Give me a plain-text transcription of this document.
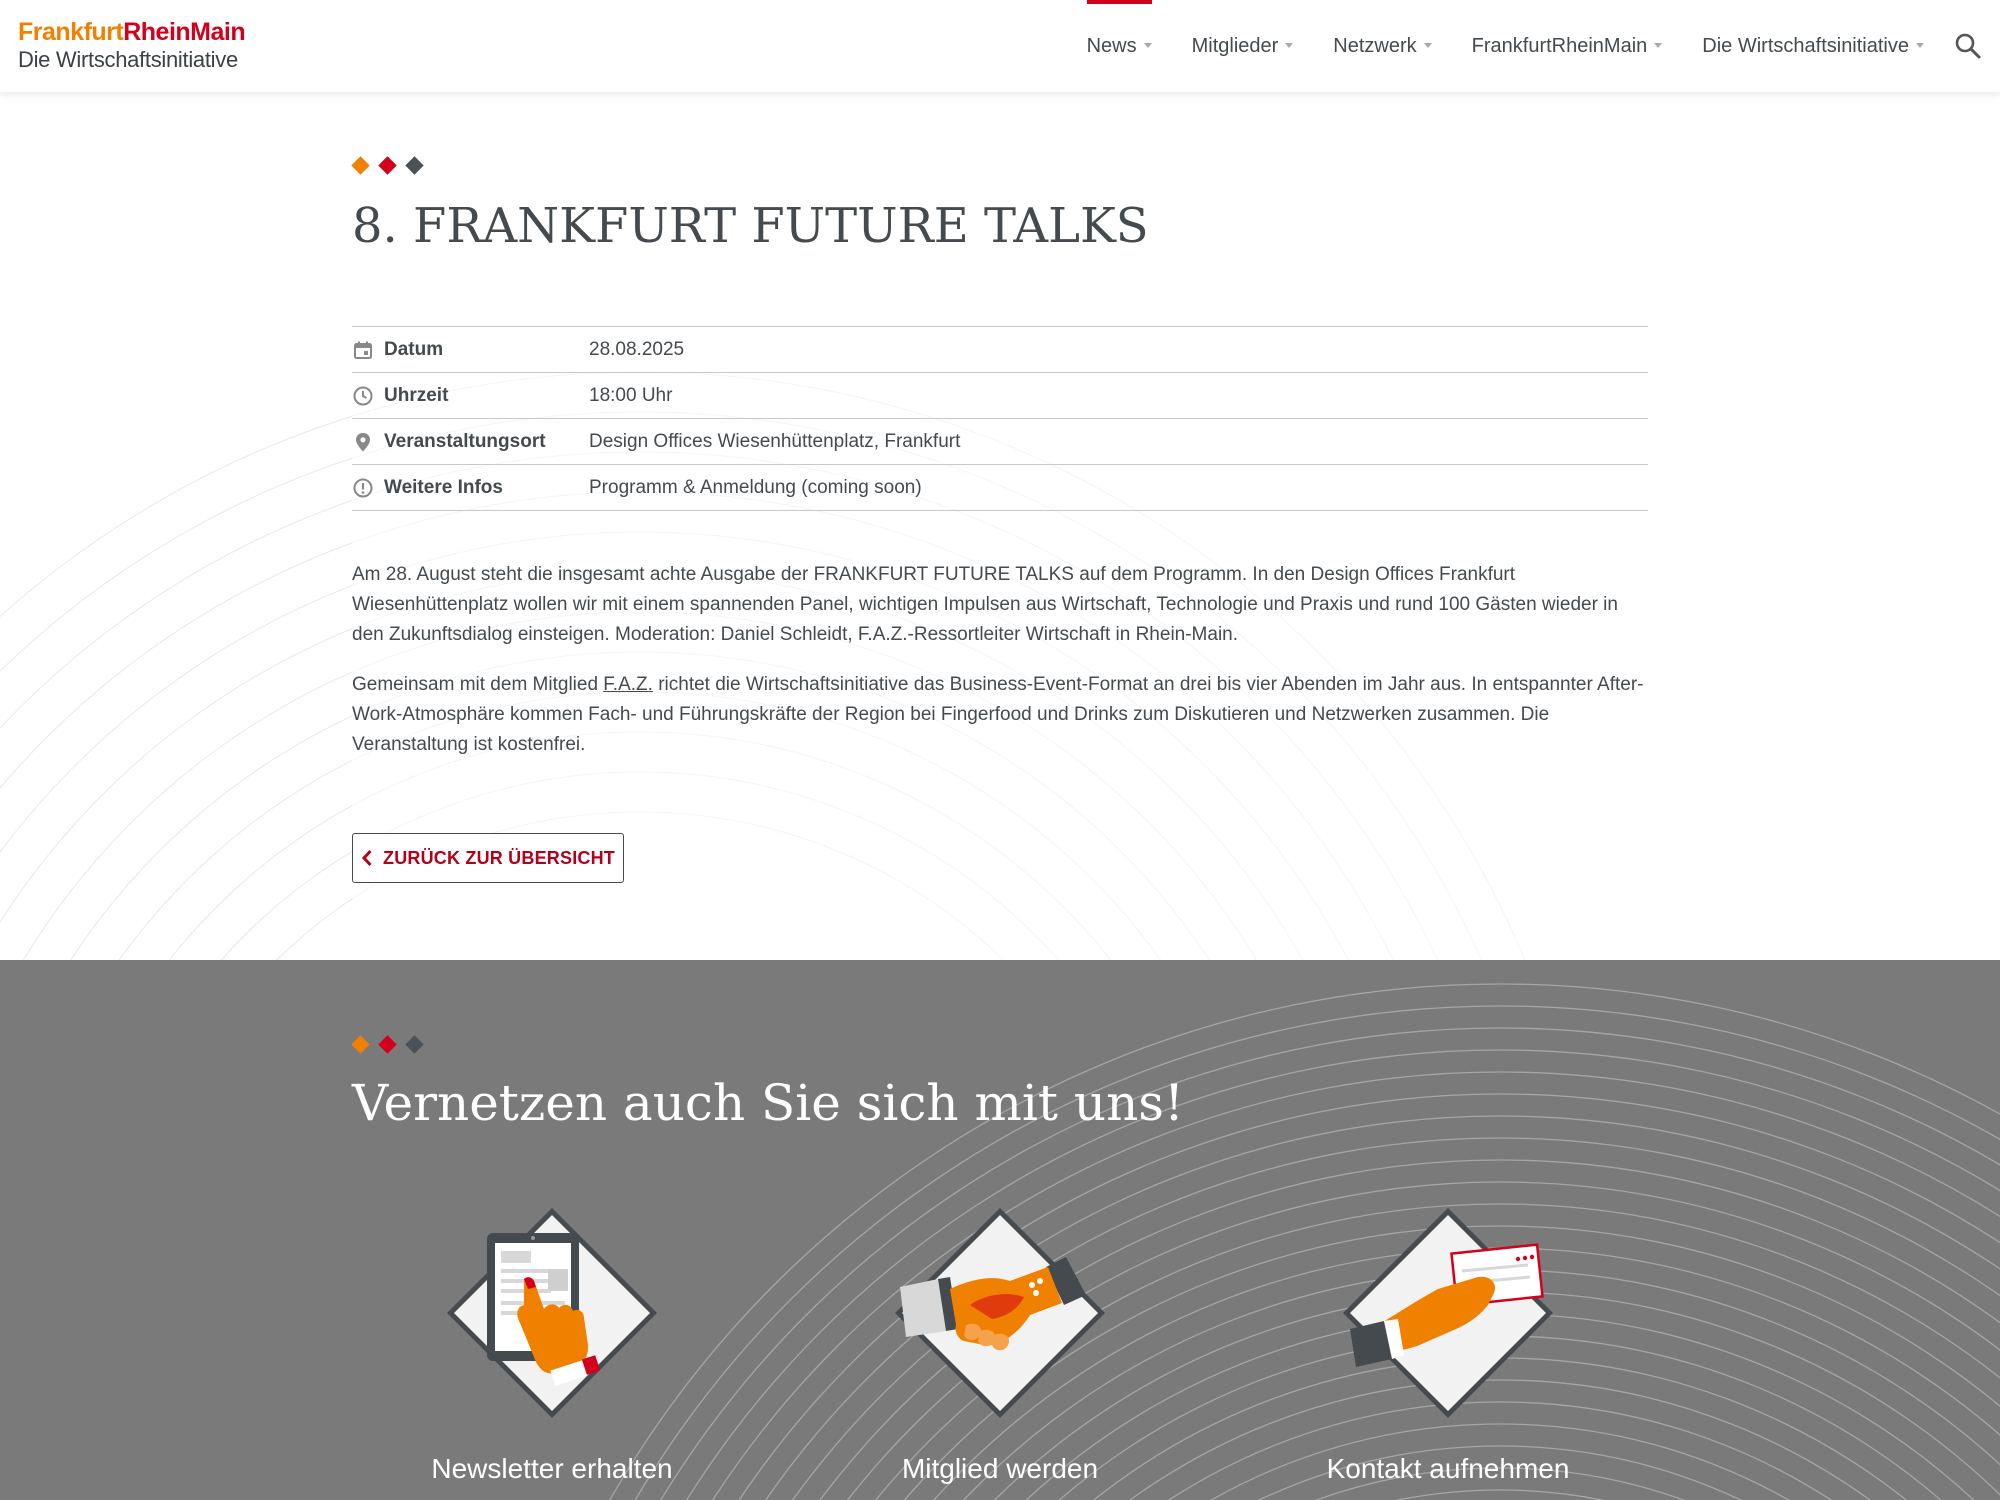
FrankfurtRheinMain
Die Wirtschaftsinitiative
News	Mitglieder	Netzwerk	FrankfurtRheinMain	Die Wirtschaftsinitiative
8. FRANKFURT FUTURE TALKS
Datum	28.08.2025
Uhrzeit	18:00 Uhr
Veranstaltungsort	Design Offices Wiesenhüttenplatz, Frankfurt
Weitere Infos	Programm & Anmeldung (coming soon)

Am 28. August steht die insgesamt achte Ausgabe der FRANKFURT FUTURE TALKS auf dem Programm. In den Design Offices Frankfurt Wiesenhüttenplatz wollen wir mit einem spannenden Panel, wichtigen Impulsen aus Wirtschaft, Technologie und Praxis und rund 100 Gästen wieder in den Zukunftsdialog einsteigen. Moderation: Daniel Schleidt, F.A.Z.-Ressortleiter Wirtschaft in Rhein-Main.

Gemeinsam mit dem Mitglied F.A.Z. richtet die Wirtschaftsinitiative das Business-Event-Format an drei bis vier Abenden im Jahr aus. In entspannter After-Work-Atmosphäre kommen Fach- und Führungskräfte der Region bei Fingerfood und Drinks zum Diskutieren und Netzwerken zusammen. Die Veranstaltung ist kostenfrei.

ZURÜCK ZUR ÜBERSICHT
Vernetzen auch Sie sich mit uns!
Newsletter erhalten	Mitglied werden	Kontakt aufnehmen
